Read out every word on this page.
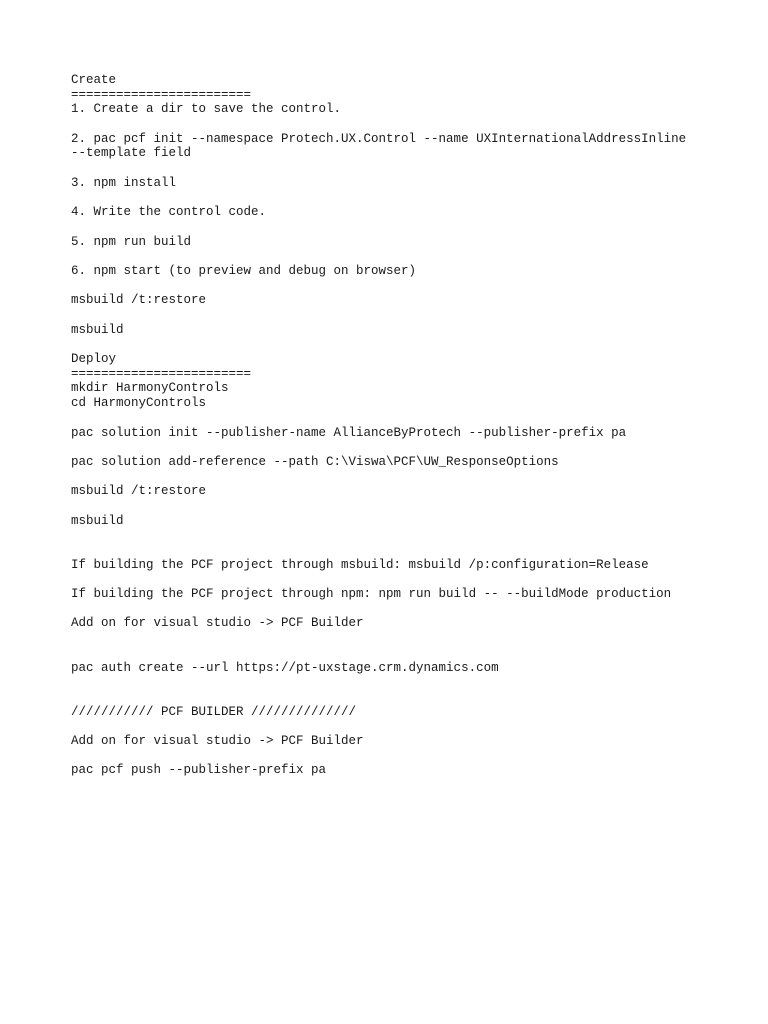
Create
========================
1. Create a dir to save the control.
2. pac pcf init --namespace Protech.UX.Control --name UXInternationalAddressInline
--template field
3. npm install
4. Write the control code.
5. npm run build
6. npm start (to preview and debug on browser)
msbuild /t:restore
msbuild
Deploy
========================
mkdir HarmonyControls
cd HarmonyControls
pac solution init --publisher-name AllianceByProtech --publisher-prefix pa
pac solution add-reference --path C:\Viswa\PCF\UW_ResponseOptions
msbuild /t:restore
msbuild
If building the PCF project through msbuild: msbuild /p:configuration=Release
If building the PCF project through npm: npm run build -- --buildMode production
Add on for visual studio -> PCF Builder
pac auth create --url https://pt-uxstage.crm.dynamics.com
/////////// PCF BUILDER //////////////
Add on for visual studio -> PCF Builder
pac pcf push --publisher-prefix pa
